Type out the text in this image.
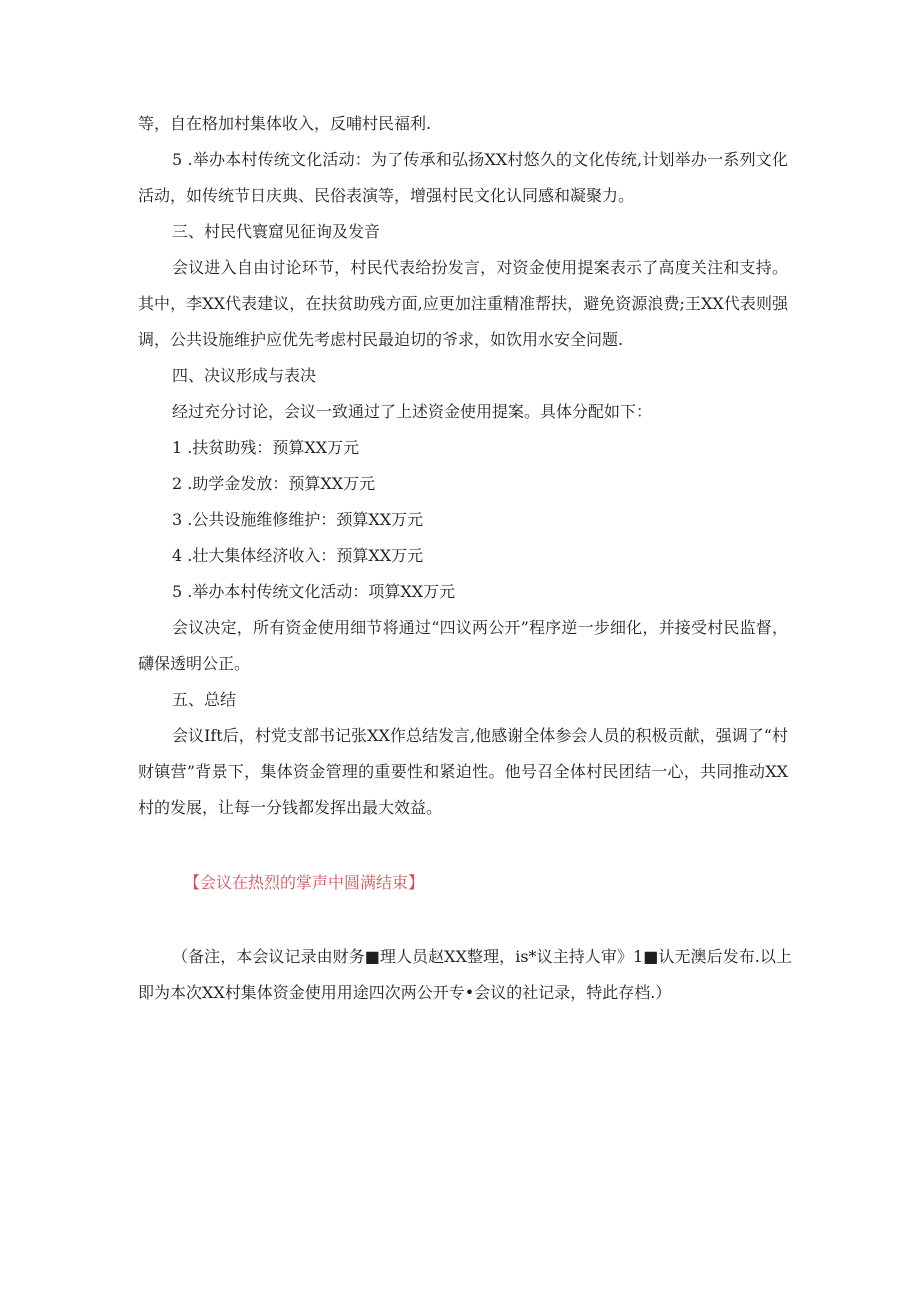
等，自在格加村集体收入，反哺村民福利.

5 .举办本村传统文化活动：为了传承和弘扬XX村悠久的文化传统,计划举办一系列文化活动，如传统节日庆典、民俗表演等，增强村民文化认同感和凝聚力。

三、村民代寰窟见征询及发音

会议进入自由讨论环节，村民代表给扮发言，对资金使用提案表示了高度关注和支持。其中，李XX代表建议，在扶贫助残方面,应更加注重精准帮扶，避免资源浪费;王XX代表则强调，公共设施维护应优先考虑村民最迫切的爷求，如饮用水安全问题.

四、决议形成与表决

经过充分讨论，会议一致通过了上述资金使用提案。具体分配如下：

1 .扶贫助残：预算XX万元

2 .助学金发放：预算XX万元

3 .公共设施维修维护：颈算XX万元

4 .壮大集体经济收入：预算XX万元

5 .举办本村传统文化活动：项算XX万元

会议决定，所有资金使用细节将通过“四议两公开”程序逆一步细化，并接受村民监督，礴保透明公正。

五、总结

会议Ift后，村党支部书记张XX作总结发言,他感谢全体参会人员的积极贡献，强调了“村财镇营”背景下，集体资金管理的重要性和紧迫性。他号召全体村民团结一心，共同推动XX村的发展，让每一分钱都发挥出最大效益。

【会议在热烈的掌声中圆满结束】

（备注，本会议记录由财务■理人员赵XX整理，is*议主持人审》1■认无澳后发布.以上即为本次XX村集体资金使用用途四次两公开专•会议的社记录，特此存档.）
